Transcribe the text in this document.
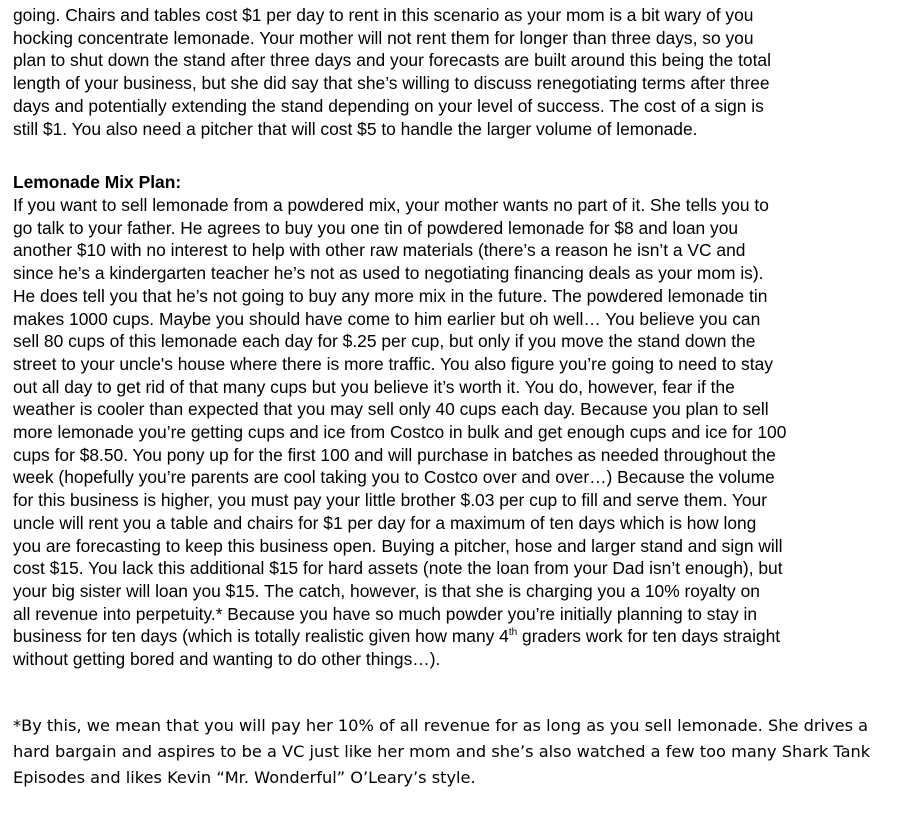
going. Chairs and tables cost $1 per day to rent in this scenario as your mom is a bit wary of you
hocking concentrate lemonade. Your mother will not rent them for longer than three days, so you
plan to shut down the stand after three days and your forecasts are built around this being the total
length of your business, but she did say that she’s willing to discuss renegotiating terms after three
days and potentially extending the stand depending on your level of success. The cost of a sign is
still $1. You also need a pitcher that will cost $5 to handle the larger volume of lemonade.

Lemonade Mix Plan:

If you want to sell lemonade from a powdered mix, your mother wants no part of it. She tells you to
go talk to your father. He agrees to buy you one tin of powdered lemonade for $8 and loan you
another $10 with no interest to help with other raw materials (there’s a reason he isn’t a VC and
since he’s a kindergarten teacher he’s not as used to negotiating financing deals as your mom is).
He does tell you that he’s not going to buy any more mix in the future. The powdered lemonade tin
makes 1000 cups. Maybe you should have come to him earlier but oh well… You believe you can
sell 80 cups of this lemonade each day for $.25 per cup, but only if you move the stand down the
street to your uncle's house where there is more traffic. You also figure you’re going to need to stay
out all day to get rid of that many cups but you believe it’s worth it. You do, however, fear if the
weather is cooler than expected that you may sell only 40 cups each day. Because you plan to sell
more lemonade you’re getting cups and ice from Costco in bulk and get enough cups and ice for 100
cups for $8.50. You pony up for the first 100 and will purchase in batches as needed throughout the
week (hopefully you’re parents are cool taking you to Costco over and over…) Because the volume
for this business is higher, you must pay your little brother $.03 per cup to fill and serve them. Your
uncle will rent you a table and chairs for $1 per day for a maximum of ten days which is how long
you are forecasting to keep this business open. Buying a pitcher, hose and larger stand and sign will
cost $15. You lack this additional $15 for hard assets (note the loan from your Dad isn’t enough), but
your big sister will loan you $15. The catch, however, is that she is charging you a 10% royalty on
all revenue into perpetuity.* Because you have so much powder you’re initially planning to stay in
business for ten days (which is totally realistic given how many 4th graders work for ten days straight
without getting bored and wanting to do other things…).

*By this, we mean that you will pay her 10% of all revenue for as long as you sell lemonade. She drives a
hard bargain and aspires to be a VC just like her mom and she’s also watched a few too many Shark Tank
Episodes and likes Kevin “Mr. Wonderful” O’Leary’s style.
